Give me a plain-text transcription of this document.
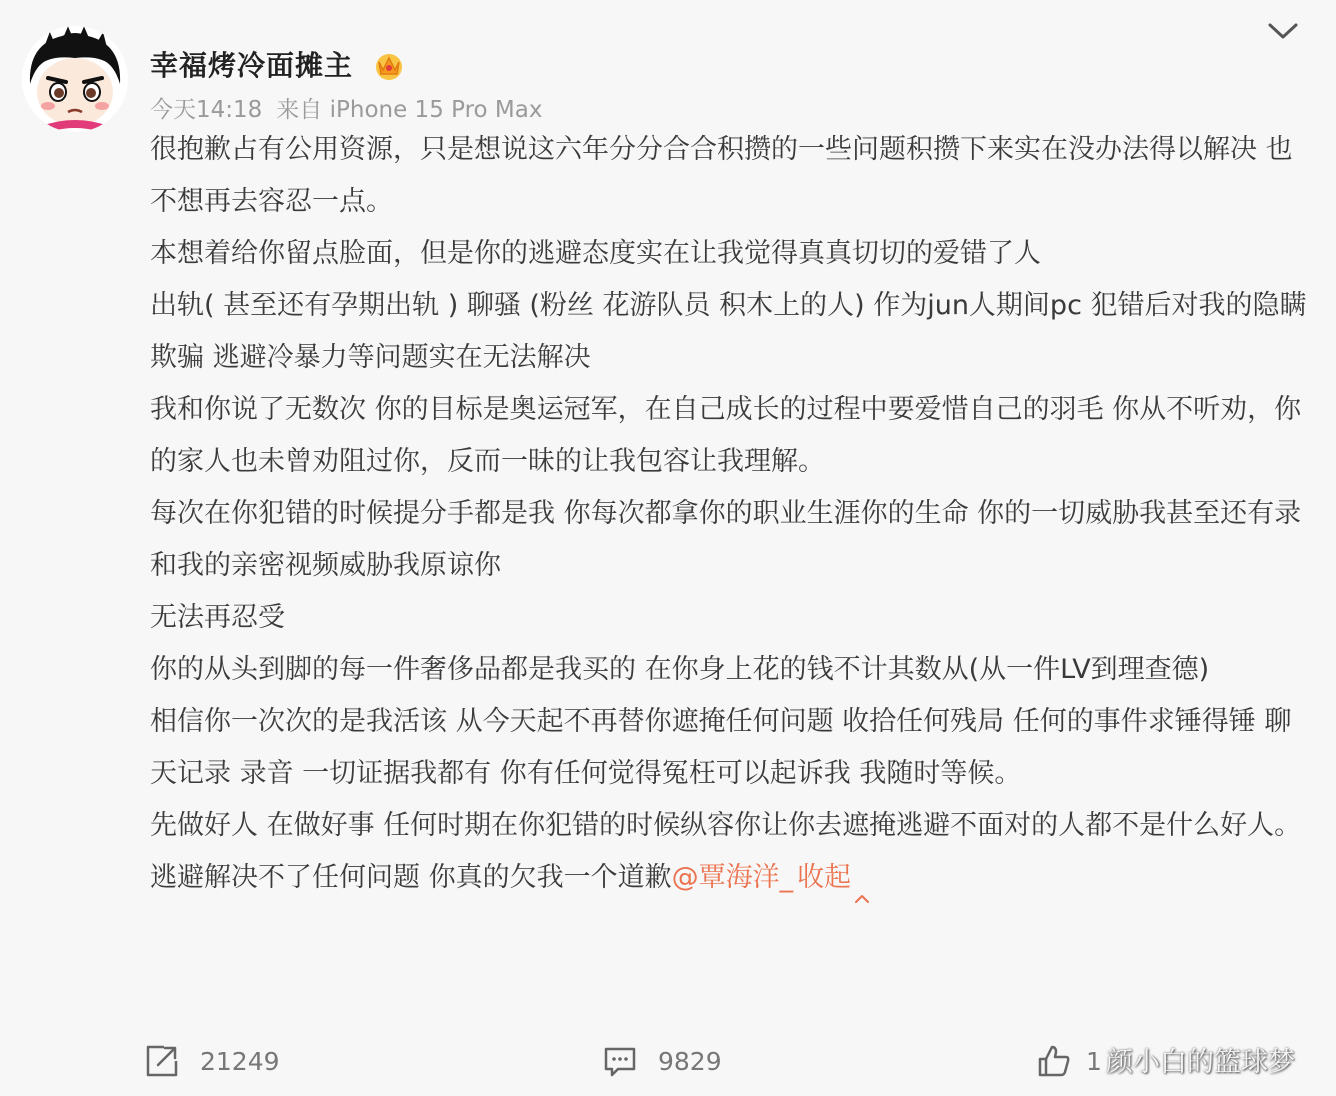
幸福烤冷面摊主
今天14:18 来自 iPhone 15 Pro Max

很抱歉占有公用资源，只是想说这六年分分合合积攒的一些问题积攒下来实在没办法得以解决 也不想再去容忍一点。

本想着给你留点脸面，但是你的逃避态度实在让我觉得真真切切的爱错了人

出轨( 甚至还有孕期出轨 ) 聊骚 (粉丝 花游队员 积木上的人) 作为jun人期间pc 犯错后对我的隐瞒欺骗 逃避冷暴力等问题实在无法解决

我和你说了无数次 你的目标是奥运冠军，在自己成长的过程中要爱惜自己的羽毛 你从不听劝，你的家人也未曾劝阻过你，反而一昧的让我包容让我理解。

每次在你犯错的时候提分手都是我 你每次都拿你的职业生涯你的生命 你的一切威胁我甚至还有录和我的亲密视频威胁我原谅你

无法再忍受

你的从头到脚的每一件奢侈品都是我买的 在你身上花的钱不计其数从(从一件LV到理查德)

相信你一次次的是我活该 从今天起不再替你遮掩任何问题 收拾任何残局 任何的事件求锤得锤 聊天记录 录音 一切证据我都有 你有任何觉得冤枉可以起诉我 我随时等候。

先做好人 在做好事 任何时期在你犯错的时候纵容你让你去遮掩逃避不面对的人都不是什么好人。

逃避解决不了任何问题 你真的欠我一个道歉@覃海洋_ 收起

21249	9829	1 颜小白的篮球梦
